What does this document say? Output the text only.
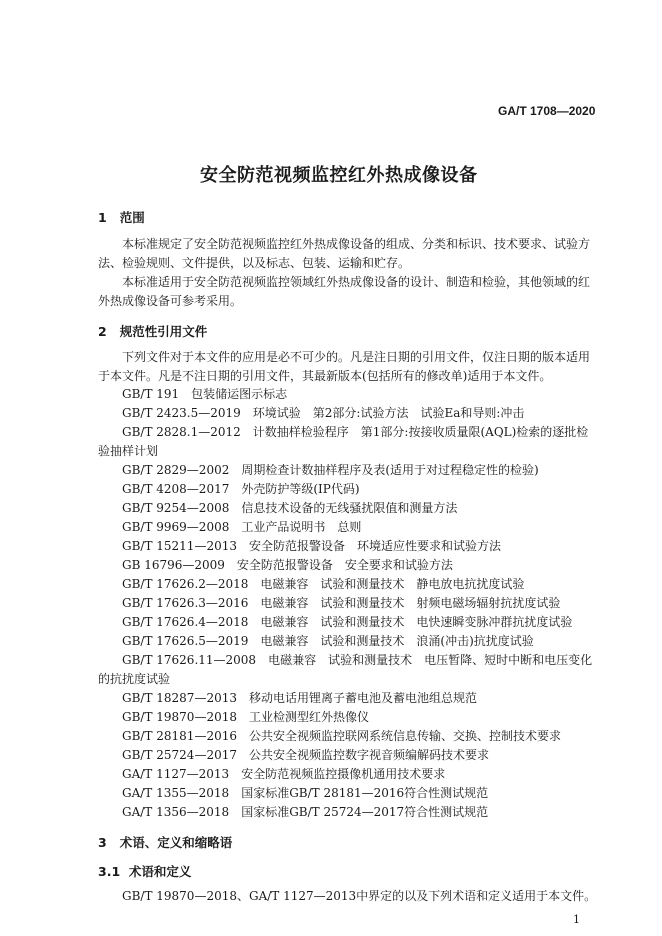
GA/T 1708—2020
安全防范视频监控红外热成像设备
1 范围
本标准规定了安全防范视频监控红外热成像设备的组成、分类和标识、技术要求、试验方法、检验规则、文件提供，以及标志、包装、运输和贮存。
本标准适用于安全防范视频监控领域红外热成像设备的设计、制造和检验，其他领域的红外热成像设备可参考采用。
2 规范性引用文件
下列文件对于本文件的应用是必不可少的。凡是注日期的引用文件，仅注日期的版本适用于本文件。凡是不注日期的引用文件，其最新版本(包括所有的修改单)适用于本文件。
GB/T 191　包装储运图示标志
GB/T 2423.5—2019　环境试验　第2部分:试验方法　试验Ea和导则:冲击
GB/T 2828.1—2012　计数抽样检验程序　第1部分:按接收质量限(AQL)检索的逐批检验抽样计划
GB/T 2829—2002　周期检查计数抽样程序及表(适用于对过程稳定性的检验)
GB/T 4208—2017　外壳防护等级(IP代码)
GB/T 9254—2008　信息技术设备的无线骚扰限值和测量方法
GB/T 9969—2008　工业产品说明书　总则
GB/T 15211—2013　安全防范报警设备　环境适应性要求和试验方法
GB 16796—2009　安全防范报警设备　安全要求和试验方法
GB/T 17626.2—2018　电磁兼容　试验和测量技术　静电放电抗扰度试验
GB/T 17626.3—2016　电磁兼容　试验和测量技术　射频电磁场辐射抗扰度试验
GB/T 17626.4—2018　电磁兼容　试验和测量技术　电快速瞬变脉冲群抗扰度试验
GB/T 17626.5—2019　电磁兼容　试验和测量技术　浪涌(冲击)抗扰度试验
GB/T 17626.11—2008　电磁兼容　试验和测量技术　电压暂降、短时中断和电压变化的抗扰度试验
GB/T 18287—2013　移动电话用锂离子蓄电池及蓄电池组总规范
GB/T 19870—2018　工业检测型红外热像仪
GB/T 28181—2016　公共安全视频监控联网系统信息传输、交换、控制技术要求
GB/T 25724—2017　公共安全视频监控数字视音频编解码技术要求
GA/T 1127—2013　安全防范视频监控摄像机通用技术要求
GA/T 1355—2018　国家标准GB/T 28181—2016符合性测试规范
GA/T 1356—2018　国家标准GB/T 25724—2017符合性测试规范
3 术语、定义和缩略语
3.1 术语和定义
GB/T 19870—2018、GA/T 1127—2013中界定的以及下列术语和定义适用于本文件。
1
